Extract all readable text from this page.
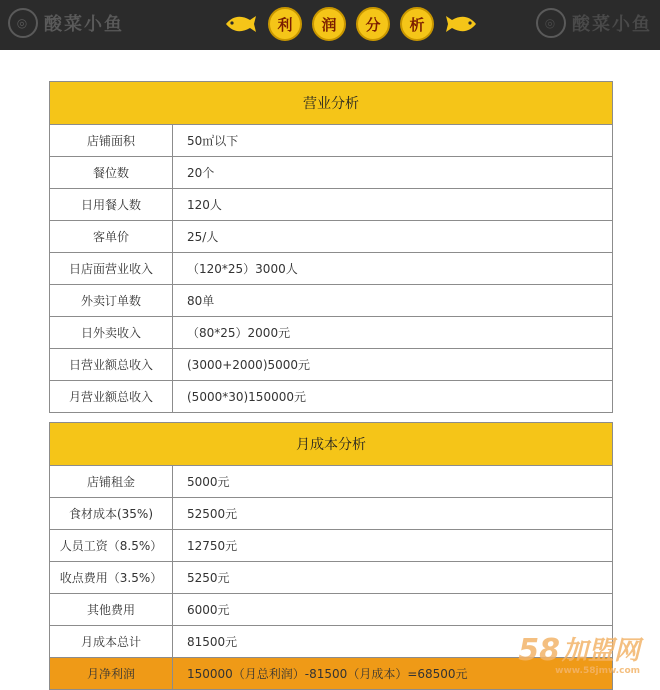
◎ 酸菜小鱼	利	润	分	析	◎ 酸菜小鱼
营业分析	
店铺面积	50㎡以下
餐位数	20个
日用餐人数	120人
客单价	25/人
日店面营业收入	（120*25）3000人
外卖订单数	80单
日外卖收入	（80*25）2000元
日营业额总收入	(3000+2000)5000元
月营业额总收入	(5000*30)150000元
月成本分析	
店铺租金	5000元
食材成本(35%)	52500元
人员工资（8.5%）	12750元
收点费用（3.5%）	5250元
其他费用	6000元
月成本总计	81500元
月净利润	150000（月总利润）-81500（月成本）=68500元
58 加盟网
www.58jmw.com
